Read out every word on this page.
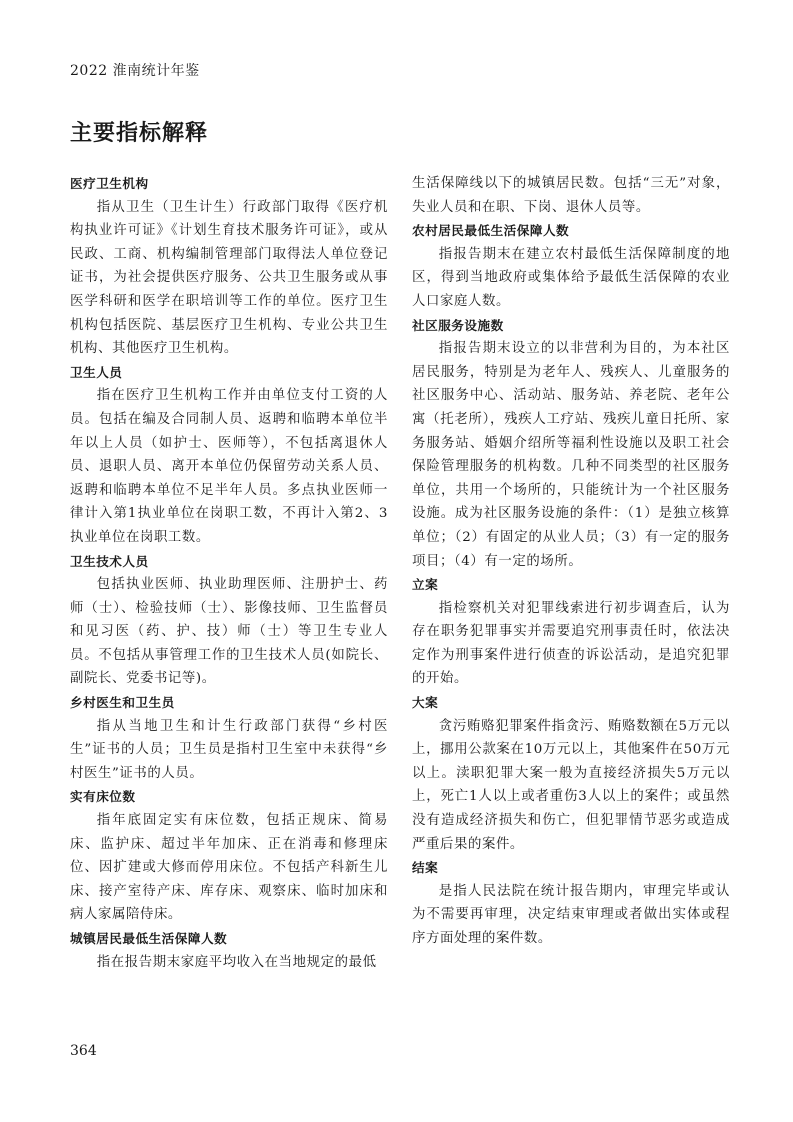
2022 淮南统计年鉴
主要指标解释

医疗卫生机构

指从卫生（卫生计生）行政部门取得《医疗机构执业许可证》《计划生育技术服务许可证》，或从民政、工商、机构编制管理部门取得法人单位登记证书，为社会提供医疗服务、公共卫生服务或从事医学科研和医学在职培训等工作的单位。医疗卫生机构包括医院、基层医疗卫生机构、专业公共卫生机构、其他医疗卫生机构。

卫生人员

指在医疗卫生机构工作并由单位支付工资的人员。包括在编及合同制人员、返聘和临聘本单位半年以上人员（如护士、医师等），不包括离退休人员、退职人员、离开本单位仍保留劳动关系人员、返聘和临聘本单位不足半年人员。多点执业医师一律计入第1执业单位在岗职工数，不再计入第2、3执业单位在岗职工数。

卫生技术人员

包括执业医师、执业助理医师、注册护士、药师（士）、检验技师（士）、影像技师、卫生监督员和见习医（药、护、技）师（士）等卫生专业人员。不包括从事管理工作的卫生技术人员(如院长、副院长、党委书记等)。

乡村医生和卫生员

指从当地卫生和计生行政部门获得“乡村医生”证书的人员；卫生员是指村卫生室中未获得“乡村医生”证书的人员。

实有床位数

指年底固定实有床位数，包括正规床、简易床、监护床、超过半年加床、正在消毒和修理床位、因扩建或大修而停用床位。不包括产科新生儿床、接产室待产床、库存床、观察床、临时加床和病人家属陪侍床。

城镇居民最低生活保障人数

指在报告期末家庭平均收入在当地规定的最低

生活保障线以下的城镇居民数。包括“三无”对象，失业人员和在职、下岗、退休人员等。

农村居民最低生活保障人数

指报告期末在建立农村最低生活保障制度的地区，得到当地政府或集体给予最低生活保障的农业人口家庭人数。

社区服务设施数

指报告期末设立的以非营利为目的，为本社区居民服务，特别是为老年人、残疾人、儿童服务的社区服务中心、活动站、服务站、养老院、老年公寓（托老所），残疾人工疗站、残疾儿童日托所、家务服务站、婚姻介绍所等福利性设施以及职工社会保险管理服务的机构数。几种不同类型的社区服务单位，共用一个场所的，只能统计为一个社区服务设施。成为社区服务设施的条件：（1）是独立核算单位；（2）有固定的从业人员；（3）有一定的服务项目；（4）有一定的场所。

立案

指检察机关对犯罪线索进行初步调查后，认为存在职务犯罪事实并需要追究刑事责任时，依法决定作为刑事案件进行侦查的诉讼活动，是追究犯罪的开始。

大案

贪污贿赂犯罪案件指贪污、贿赂数额在5万元以上，挪用公款案在10万元以上，其他案件在50万元以上。渎职犯罪大案一般为直接经济损失5万元以上，死亡1人以上或者重伤3人以上的案件；或虽然没有造成经济损失和伤亡，但犯罪情节恶劣或造成严重后果的案件。

结案

是指人民法院在统计报告期内，审理完毕或认为不需要再审理，决定结束审理或者做出实体或程序方面处理的案件数。

364
